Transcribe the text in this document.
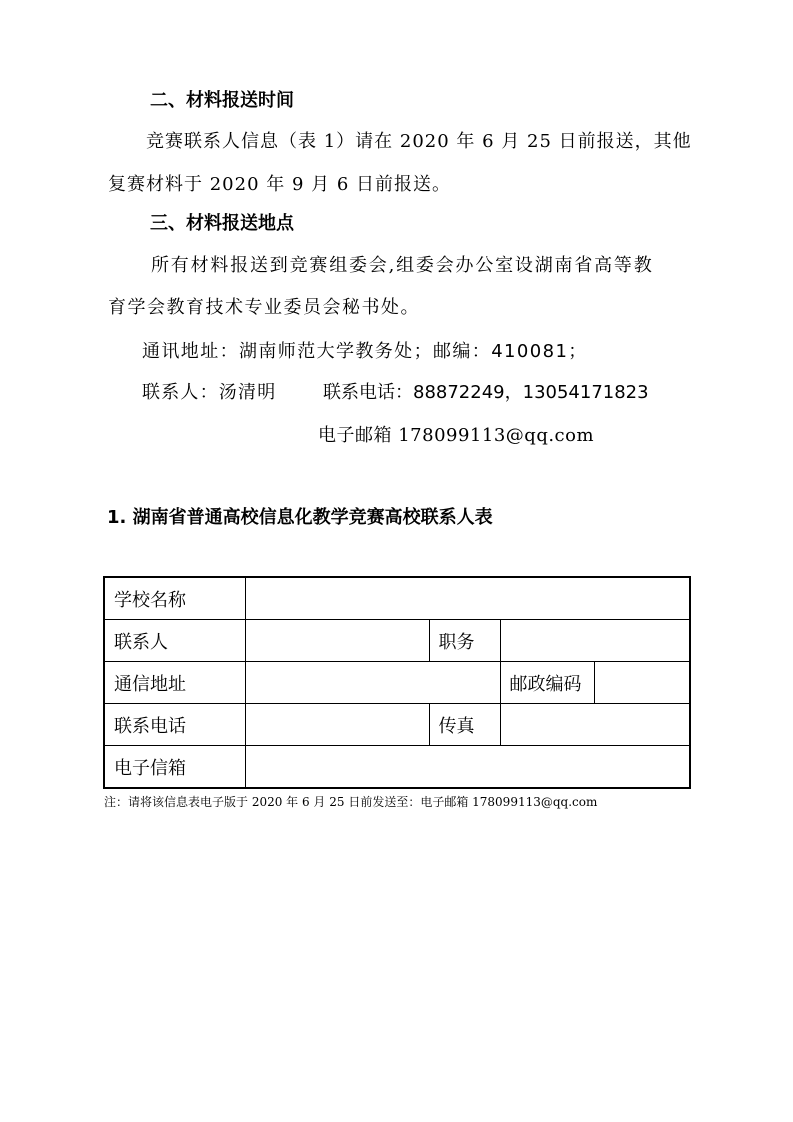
二、材料报送时间
竞赛联系人信息（表 1）请在 2020 年 6 月 25 日前报送，其他
复赛材料于 2020 年 9 月 6 日前报送。
三、材料报送地点
所有材料报送到竞赛组委会,组委会办公室设湖南省高等教
育学会教育技术专业委员会秘书处。
通讯地址：湖南师范大学教务处；邮编：410081；
联系人：汤清明	联系电话：88872249，13054171823
电子邮箱 178099113@qq.com
1. 湖南省普通高校信息化教学竞赛高校联系人表
学校名称				
联系人		职务		
通信地址			邮政编码	
联系电话		传真		
电子信箱				
注：请将该信息表电子版于 2020 年 6 月 25 日前发送至：电子邮箱 178099113@qq.com
